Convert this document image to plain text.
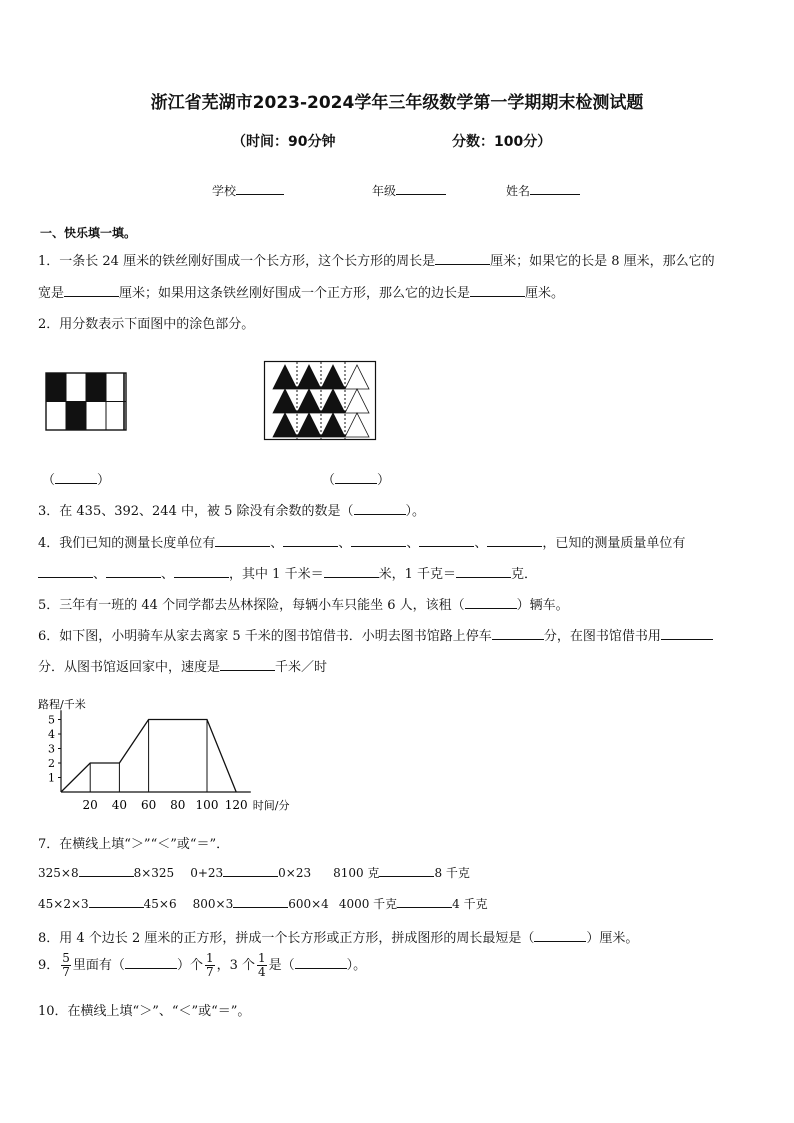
浙江省芜湖市2023-2024学年三年级数学第一学期期末检测试题
（时间：90分钟	分数：100分）
学校	年级	姓名
一、快乐填一填。
1．一条长 24 厘米的铁丝刚好围成一个长方形，这个长方形的周长是	厘米；如果它的长是 8 厘米，那么它的
宽是	厘米；如果用这条铁丝刚好围成一个正方形，那么它的边长是	厘米。
2．用分数表示下面图中的涂色部分。
（	）	（	）
3．在 435、392、244 中，被 5 除没有余数的数是（	）。
4．我们已知的测量长度单位有	、	、	、	、	，已知的测量质量单位有
、	、	，其中 1 千米＝	米，1 千克＝	克．
5．三年有一班的 44 个同学都去丛林探险，每辆小车只能坐 6 人，该租（	）辆车。
6．如下图，小明骑车从家去离家 5 千米的图书馆借书．小明去图书馆路上停车	分，在图书馆借书用
分．从图书馆返回家中，速度是	千米／时
路程/千米
时间/分
1
2
3
4
5
20 40 60 80 100 120
7．在横线上填“＞”“＜”或“＝”．
325×8	8×325 0+23	0×23 8100 克	8 千克
45×2×3	45×6 800×3	600×4 4000 千克	4 千克
8．用 4 个边长 2 厘米的正方形，拼成一个长方形或正方形，拼成图形的周长最短是（	）厘米。
9． $\frac{5}{7}$ 里面有（	）个 $\frac{1}{7}$ ，3 个 $\frac{1}{4}$ 是（	）。
10．在横线上填“＞”、“＜”或“＝”。
